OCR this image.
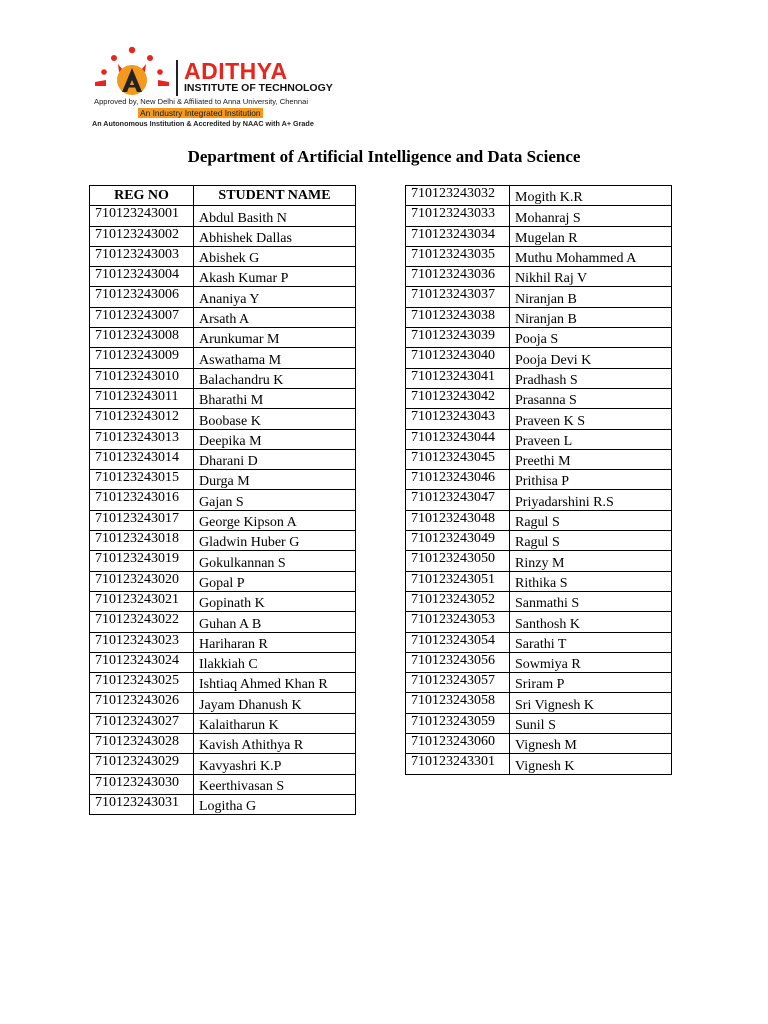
ADITHYA
INSTITUTE OF TECHNOLOGY
Approved by, New Delhi & Affiliated to Anna University, Chennai
An Industry Integrated Institution
An Autonomous Institution & Accredited by NAAC with A+ Grade
Department of Artificial Intelligence and Data Science
REG NO	STUDENT NAME
710123243001	Abdul Basith N
710123243002	Abhishek Dallas
710123243003	Abishek G
710123243004	Akash Kumar P
710123243006	Ananiya Y
710123243007	Arsath A
710123243008	Arunkumar M
710123243009	Aswathama M
710123243010	Balachandru K
710123243011	Bharathi M
710123243012	Boobase K
710123243013	Deepika M
710123243014	Dharani D
710123243015	Durga M
710123243016	Gajan S
710123243017	George Kipson A
710123243018	Gladwin Huber G
710123243019	Gokulkannan S
710123243020	Gopal P
710123243021	Gopinath K
710123243022	Guhan A B
710123243023	Hariharan R
710123243024	Ilakkiah C
710123243025	Ishtiaq Ahmed Khan R
710123243026	Jayam Dhanush K
710123243027	Kalaitharun K
710123243028	Kavish Athithya R
710123243029	Kavyashri K.P
710123243030	Keerthivasan S
710123243031	Logitha G
710123243032	Mogith K.R
710123243033	Mohanraj S
710123243034	Mugelan R
710123243035	Muthu Mohammed A
710123243036	Nikhil Raj V
710123243037	Niranjan B
710123243038	Niranjan B
710123243039	Pooja S
710123243040	Pooja Devi K
710123243041	Pradhash S
710123243042	Prasanna S
710123243043	Praveen K S
710123243044	Praveen L
710123243045	Preethi M
710123243046	Prithisa P
710123243047	Priyadarshini R.S
710123243048	Ragul S
710123243049	Ragul S
710123243050	Rinzy M
710123243051	Rithika S
710123243052	Sanmathi S
710123243053	Santhosh K
710123243054	Sarathi T
710123243056	Sowmiya R
710123243057	Sriram P
710123243058	Sri Vignesh K
710123243059	Sunil S
710123243060	Vignesh M
710123243301	Vignesh K
